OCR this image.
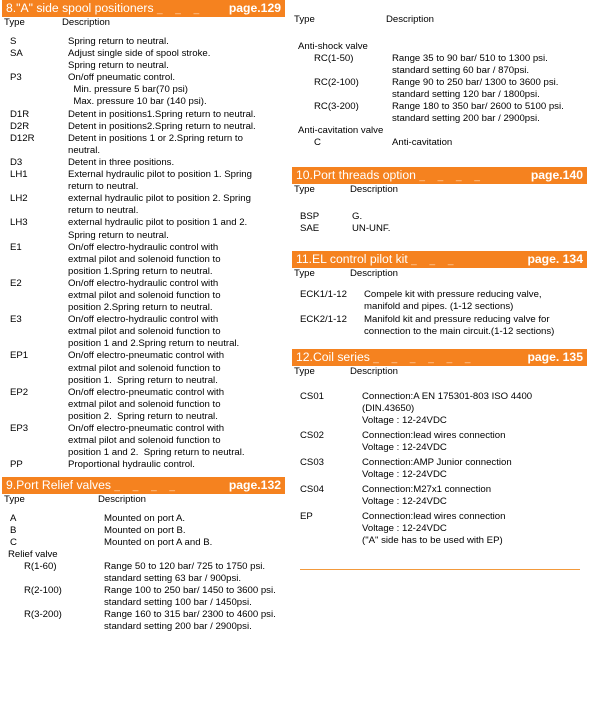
8."A" side spool positioners _ _ _ page.129
Type	Description
S	Spring return to neutral.
SA	Adjust single side of spool stroke.
Spring return to neutral.
P3	On/off pneumatic control.
Min. pressure 5 bar(70 psi)
Max. pressure 10 bar (140 psi).
D1R	Detent in positions1.Spring return to neutral.
D2R	Detent in positions2.Spring return to neutral.
D12R	Detent in positions 1 or 2.Spring return to
neutral.
D3	Detent in three positions.
LH1	External hydraulic pilot to position 1. Spring
return to neutral.
LH2	external hydraulic pilot to position 2. Spring
return to neutral.
LH3	external hydraulic pilot to position 1 and 2.
Spring return to neutral.
E1	On/off electro-hydraulic control with
extmal pilot and solenoid function to
position 1.Spring return to neutral.
E2	On/off electro-hydraulic control with
extmal pilot and solenoid function to
position 2.Spring return to neutral.
E3	On/off electro-hydraulic control with
extmal pilot and solenoid function to
position 1 and 2.Spring return to neutral.
EP1	On/off electro-pneumatic control with
extmal pilot and solenoid function to
position 1.  Spring return to neutral.
EP2	On/off electro-pneumatic control with
extmal pilot and solenoid function to
position 2.  Spring return to neutral.
EP3	On/off electro-pneumatic control with
extmal pilot and solenoid function to
position 1 and 2.  Spring return to neutral.
PP	Proportional hydraulic control.
9.Port Relief valves _ _ _ _	page.132
Type	Description
A	Mounted on port A.
B	Mounted on port B.
C	Mounted on port A and B.
Relief valve
R(1-60)	Range 50 to 120 bar/ 725 to 1750 psi.
standard setting 63 bar / 900psi.
R(2-100)	Range 100 to 250 bar/ 1450 to 3600 psi.
standard setting 100 bar / 1450psi.
R(3-200)	Range 160 to 315 bar/ 2300 to 4600 psi.
standard setting 200 bar / 2900psi.
Type	Description
Anti-shock valve
RC(1-50)	Range 35 to 90 bar/ 510 to 1300 psi.
standard setting 60 bar / 870psi.
RC(2-100)	Range 90 to 250 bar/ 1300 to 3600 psi.
standard setting 120 bar / 1800psi.
RC(3-200)	Range 180 to 350 bar/ 2600 to 5100 psi.
standard setting 200 bar / 2900psi.
Anti-cavitation valve
C	Anti-cavitation
10.Port threads option _ _ _ _	page.140
Type	Description
BSP	G.
SAE	UN-UNF.
11.EL control pilot kit _ _ _	page. 134
Type	Description
ECK1/1-12 Compele kit with pressure reducing valve,
manifold and pipes. (1-12 sections)
ECK2/1-12 Manifold kit and pressure reducing valve for
connection to the main circuit.(1-12 sections)
12.Coil series _ _ _ _ _ _	page. 135
Type	Description
CS01	Connection:A EN 175301-803 ISO 4400
(DIN.43650)
Voltage : 12-24VDC
CS02	Connection:lead wires connection
Voltage : 12-24VDC
CS03	Connection:AMP Junior connection
Voltage : 12-24VDC
CS04	Connection:M27x1 connection
Voltage : 12-24VDC
EP	Connection:lead wires connection
Voltage : 12-24VDC
("A" side has to be used with EP)
